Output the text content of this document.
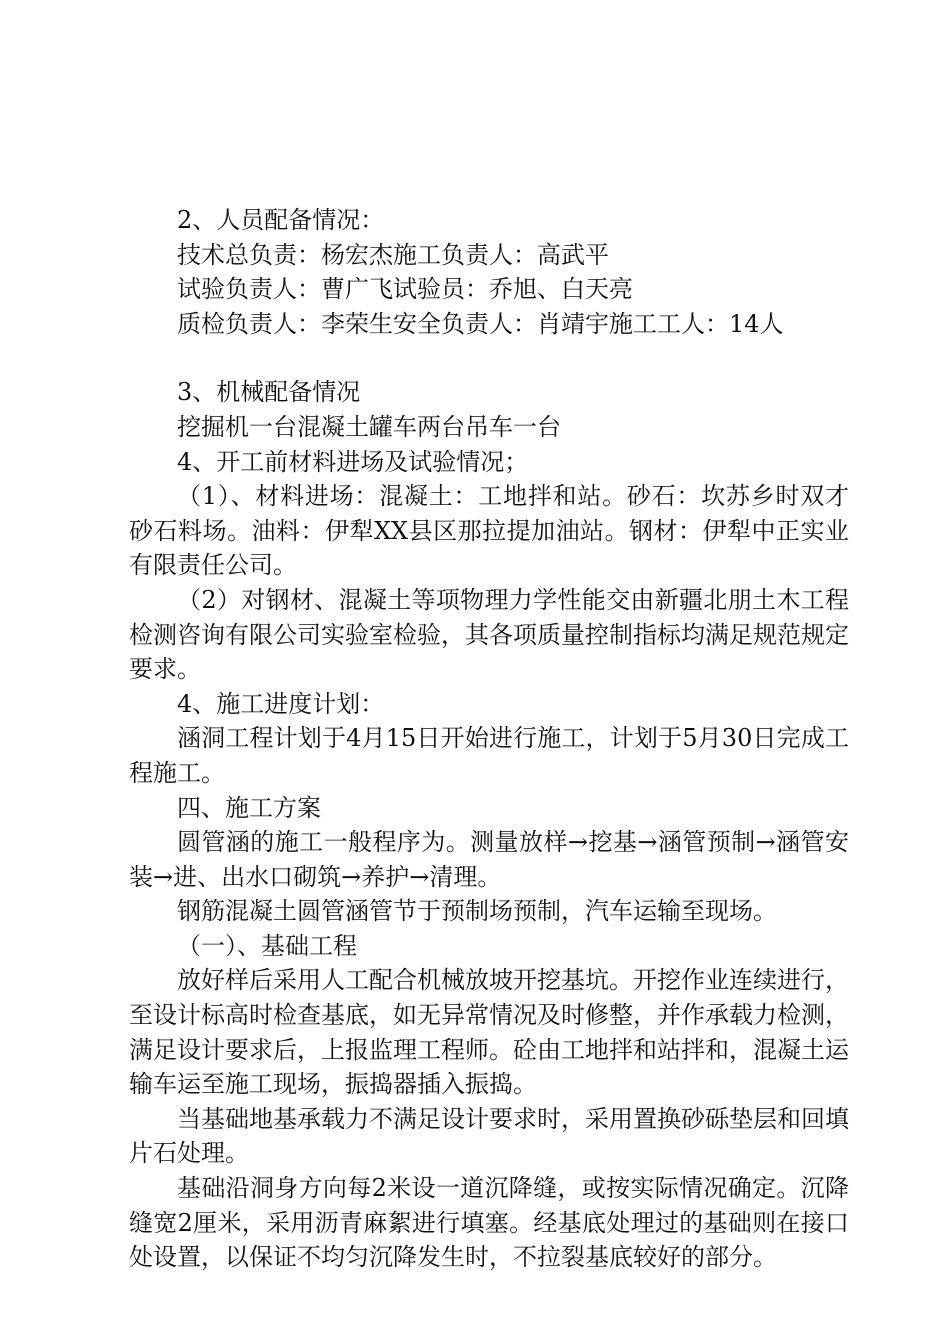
2、人员配备情况：

技术总负责：杨宏杰施工负责人：高武平

试验负责人：曹广飞试验员：乔旭、白天亮

质检负责人：李荣生安全负责人：肖靖宇施工工人：14人

3、机械配备情况

挖掘机一台混凝土罐车两台吊车一台

4、开工前材料进场及试验情况；

（1）、材料进场：混凝土：工地拌和站。砂石：坎苏乡时双才砂石料场。油料：伊犁XX县区那拉提加油站。钢材：伊犁中正实业有限责任公司。

（2）对钢材、混凝土等项物理力学性能交由新疆北朋土木工程检测咨询有限公司实验室检验，其各项质量控制指标均满足规范规定要求。

4、施工进度计划：

涵洞工程计划于4月15日开始进行施工，计划于5月30日完成工程施工。

四、施工方案

圆管涵的施工一般程序为。测量放样→挖基→涵管预制→涵管安装→进、出水口砌筑→养护→清理。

钢筋混凝土圆管涵管节于预制场预制，汽车运输至现场。

（一）、基础工程

放好样后采用人工配合机械放坡开挖基坑。开挖作业连续进行，至设计标高时检查基底，如无异常情况及时修整，并作承载力检测，满足设计要求后，上报监理工程师。砼由工地拌和站拌和，混凝土运输车运至施工现场，振捣器插入振捣。

当基础地基承载力不满足设计要求时，采用置换砂砾垫层和回填片石处理。

基础沿洞身方向每2米设一道沉降缝，或按实际情况确定。沉降缝宽2厘米，采用沥青麻絮进行填塞。经基底处理过的基础则在接口处设置，以保证不均匀沉降发生时，不拉裂基底较好的部分。
